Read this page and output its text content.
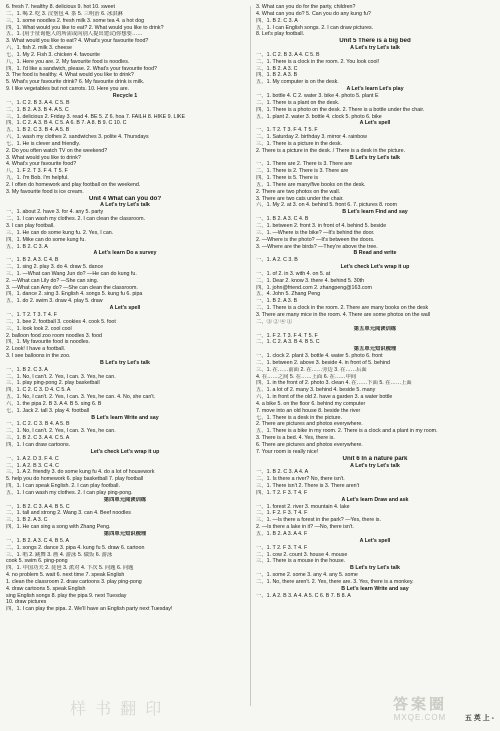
6. fresh 7. healthy 8. delicious 9. hot 10. sweet
二、1. 喝 2. 吃 3. 汉堡包 4. 茶 5. 三明治 6. 冰淇淋
三、1. some noodles 2. fresh milk 3. some tea 4. a hot dog
四、1. What would you like to eat? 2. What would you like to drink?
五、1. (用于征询他人的所需或向别人提出建议)你想要……
3. What would you like to eat? 4. What's your favourite food?
六、1. fish 2. milk 3. cheese
七、1. My 2. Fish 3. chicken 4. favourite
八、1. Here you are. 2. My favourite food is noodles.
四、1. I'd like a sandwich, please. 2. What's your favourite food?
3. The food is healthy. 4. What would you like to drink?
5. What's your favourite drink? 6. My favourite drink is milk.
9. I like vegetables but not carrots. 10. Here you are.
Recycle 1
一、1. C 2. B 3. A 4. C 5. B
二、1. B 2. A 3. B 4. A 5. C
三、1. delicious 2. Friday 3. read 4. BE 5. Z 6. hoa 7. FAILH 8. HIKE 9. LIKE
四、1. C 2. A 3. B 4. C 5. A 6. B 7. A 8. B 9. C 10. C
五、1. B 2. C 3. B 4. A 5. B
六、1. wash my clothes 2. sandwiches 3. polite 4. Thursdays
七、1. He is clever and friendly.
2. Do you often watch TV on the weekend?
3. What would you like to drink?
4. What's your favourite food?
八、1. F 2. T 3. F 4. T 5. F
九、1. I'm Bob. I'm helpful.
2. I often do homework and play football on the weekend.
3. My favourite food is ice cream.
Unit 4 What can you do?
A Let's try Let's talk
一、1. about 2. have 3. for 4. any 5. party
二、1. I can wash my clothes. 2. I can clean the classroom.
3. I can play football.
三、1. He can do some kung fu. 2. Yes, I can.
四、1. Mike can do some kung fu.
五、1. B 2. C 3. A
A Let's learn Do a survey
一、1. B 2. A 3. C 4. B
二、1. sing 2. play 3. do 4. draw 5. dance
三、1. —What can Wang Jun do? —He can do kung fu.
2. —What can Lily do? —She can sing.
3. —What can Amy do? —She can clean the classroom.
四、1. dance 2. sing 3. English 4. songs 5. kung fu 6. pipa
五、1. do 2. swim 3. draw 4. play 5. draw
A Let's spell
一、1. T 2. T 3. T 4. F
二、1. bee 2. football 3. cookies 4. cook 5. foot
三、1. look look 2. cool cool
2. balloon food zoo room noodles 3. food
四、1. My favourite food is noodles.
2. Look! I have a football.
3. I see balloons in the zoo.
B Let's try Let's talk
一、1. B 2. C 3. A
二、1. No, I can't. 2. Yes, I can. 3. Yes, he can.
三、1. play ping-pong 2. play basketball
四、1. C 2. C 3. D 4. C 5. A
五、1. No, I can't. 2. Yes, I can. 3. Yes, he can. 4. No, she can't.
六、1. the pipa 2. B 3. A 4. B 5. sing 6. B
七、1. Jack 2. tall 3. play 4. football
B Let's learn Write and say
一、1. C 2. C 3. B 4. A 5. B
二、1. No, I can't. 2. Yes, I can. 3. Yes, he can.
三、1. B 2. C 3. A 4. C 5. A
四、1. I can draw cartoons.
Let's check Let's wrap it up
一、1. A 2. D 3. F 4. C
二、1. A 2. B 3. C 4. C
三、1. A 2. friendly 3. do some kung fu 4. do a lot of housework
5. help you do homework 6. play basketball 7. play football
四、1. I can speak English. 2. I can play football.
五、1. I can wash my clothes. 2. I can play ping-pong.
第四单元阅读训练
一、1. B 2. C 3. A 4. B 5. C
二、1. tall and strong 2. Wang 3. can 4. Beef noodles
三、1. B 2. A 3. C
四、1. He can sing a song with Zhang Peng.
第四单元知识梳理
一、1. B 2. A 3. C 4. B 5. A
二、1. songs 2. dance 3. pipa 4. kung fu 5. draw 6. cartoon
三、1. 唱 2. 跳舞 3. 画 4. 游泳 5. 做饭 6. 游泳
cook 5. swim 6. ping-pong
四、1. 中国功夫 2. 琵琶 3. 派对 4. 下次 5. 问题 6. 问题
4. no problem 5. wait 6. next time 7. speak English
1. clean the classroom 2. draw cartoons 3. play ping-pong
4. draw cartoons 5. speak English
sing English songs 8. play the pipa 9. next Tuesday
10. draw pictures
四、1. I can play the pipa. 2. We'll have an English party next Tuesday!
3. What can you do for the party, children?
4. What can you do? 5. Can you do any kung fu?
四、1. B 2. C 3. A
五、1. I can English songs. 2. I can draw pictures.
8. Let's play football.
Unit 5 There is a big bed
A Let's try Let's talk
一、1. C 2. B 3. A 4. C 5. B
二、1. There is a clock in the room. 2. You look cool!
三、1. B 2. A 3. C
四、1. B 2. A 3. B
五、1. My computer is on the desk.
A Let's learn Let's play
一、1. bottle 4. C 2. water 3. bike 4. photo 5. plant E
二、1. There is a plant on the desk.
四、1. There is a photo on the desk. 2. There is a bottle under the chair.
五、1. plant 2. water 3. bottle 4. clock 5. photo 6. bike
A Let's spell
一、1. T 2. T 3. F 4. T 5. F
二、1. Saturday 2. birthday 3. mirror 4. rainbow
三、1. There is a picture in the desk.
2. There is a picture in the desk. / There is a desk in the picture.
B Let's try Let's talk
一、1. There are 2. There is 3. There are
二、1. There is 2. There is 3. There are
四、1. There is 5. There is
五、1. There are many/five books on the desk.
2. There are two photos on the wall.
3. There are two cats under the chair.
六、1. My 2. at 3. on 4. behind 5. front 6. 7. pictures 8. room
B Let's learn Find and say
一、1. B 2. A 3. C 4. B
二、1. between 2. front 3. in front of 4. behind 5. beside
三、1. —Where is the bike? —It's behind the door.
2. —Where is the photo? —It's between the doors.
3. —Where are the birds? —They're above the tree.
B Read and write
一、1. A 2. C 3. B
Let's check Let's wrap it up
一、1. of 2. in 3. with 4. on 5. at
二、1. Dear 2. know 3. there 4. behind 5. 30th
四、1. john@friend.com 2. zhangpeng@163.com
五、4. John 5. Zhang Peng
一、1. B 2. A 3. B
二、1. There is a clock in the room. 2. There are many books on the desk
3. There are many mice in the room. 4. There are some photos on the wall
二、③ ② ④ ①
第五单元阅读训练
一、1. F 2. T 3. F 4. T 5. F
二、1. C 2. A 3. B 4. B 5. C
第五单元知识梳理
一、1. clock 2. plant 3. bottle 4. water 5. photo 6. front
二、1. between 2. above 3. beside 4. in front of 5. behind
三、1. 在……前面 2. 在……旁边 3. 在……后面
4. 在……之间 5. 在……上面 6. 在……中间
四、1. in the front of 2. photo 3. clean 4. 在……下面 5. 在……上面
五、1. a lot of 2. many 3. behind 4. beside 5. many
六、1. in front of the old 2. have a garden 3. a water bottle
4. a bike 5. on the floor 6. behind my computer
7. move into an old house 8. beside the river
七、1. There is a desk in the picture.
2. There are pictures and photos everywhere.
五、1. There is a bike in my room. 2. There is a clock and a plant in my room.
3. There is a bed. 4. Yes, there is.
6. There are pictures and photos everywhere.
7. Your room is really nice!
Unit 6 In a nature park
A Let's try Let's talk
一、1. B 2. C 3. A 4. A
二、1. Is there a river? No, there isn't.
三、1. There isn't 2. There is 3. There aren't
四、1. T 2. F 3. T 4. F
A Let's learn Draw and ask
一、1. forest 2. river 3. mountain 4. lake
二、1. F 2. F 3. T 4. F
三、1. —Is there a forest in the park? —Yes, there is.
2. —Is there a lake in it? —No, there isn't.
五、1. B 2. A 3. A 4. F
A Let's spell
一、1. T 2. F 3. T 4. F
二、1. cow 2. count 3. house 4. mouse
三、1. There is a mouse in the house.
B Let's try Let's talk
一、1. some 2. some 3. any 4. any 5. some
二、1. No, there aren't. 2. Yes, there are. 3. Yes, there is a monkey.
B Let's learn Write and say
一、1. A 2. B 3. A 4. A 5. C 6. B 7. B 8. A
样 书 翻 印	答案圈
MXQE.COM	五 英 上 -
